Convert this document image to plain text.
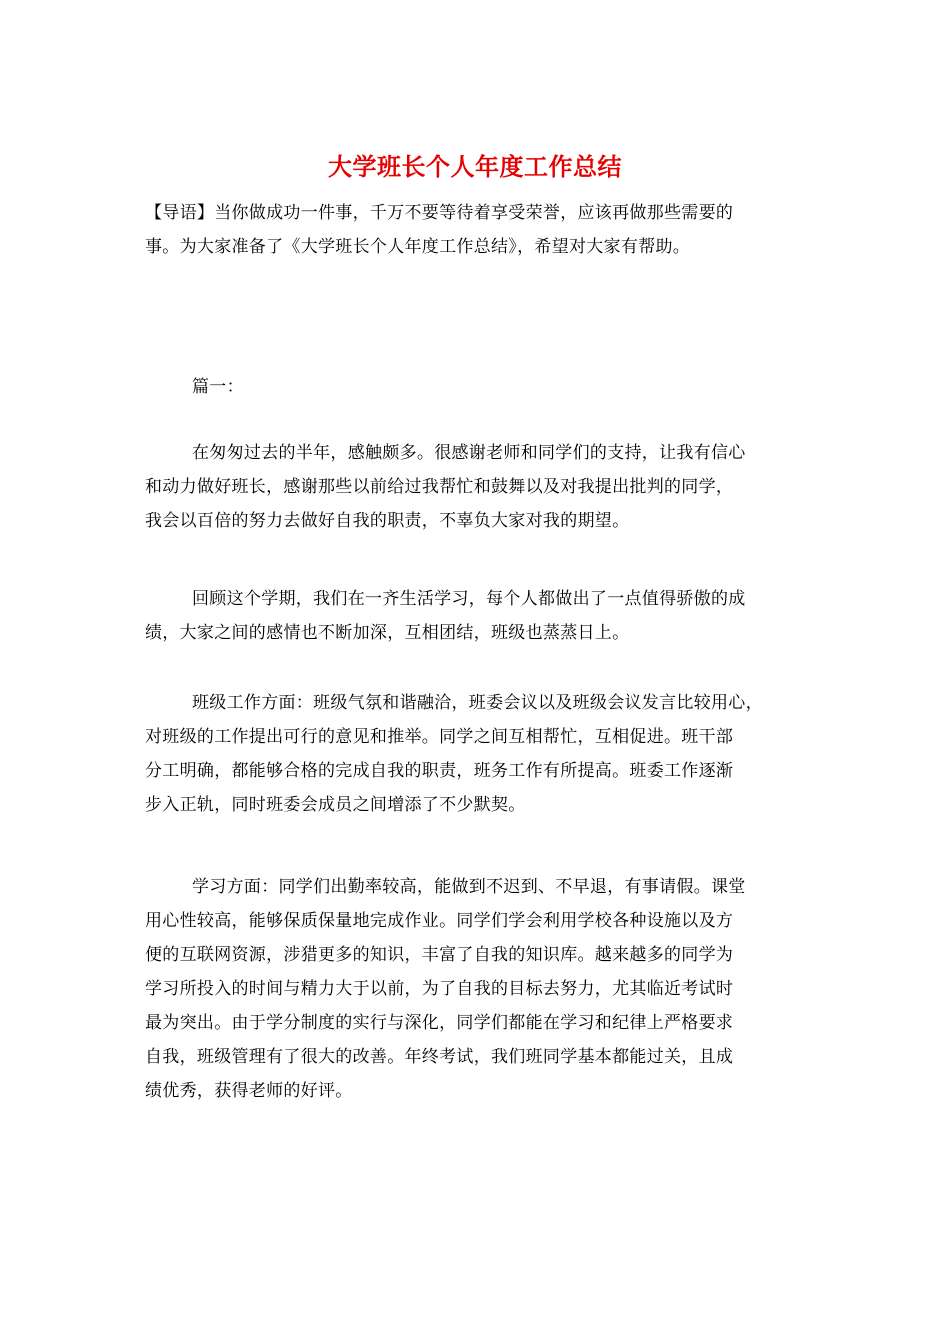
大学班长个人年度工作总结
【导语】当你做成功一件事，千万不要等待着享受荣誉，应该再做那些需要的
事。为大家准备了《大学班长个人年度工作总结》，希望对大家有帮助。
篇一：
在匆匆过去的半年，感触颇多。很感谢老师和同学们的支持，让我有信心
和动力做好班长，感谢那些以前给过我帮忙和鼓舞以及对我提出批判的同学，
我会以百倍的努力去做好自我的职责，不辜负大家对我的期望。
回顾这个学期，我们在一齐生活学习，每个人都做出了一点值得骄傲的成
绩，大家之间的感情也不断加深，互相团结，班级也蒸蒸日上。
班级工作方面：班级气氛和谐融洽，班委会议以及班级会议发言比较用心，
对班级的工作提出可行的意见和推举。同学之间互相帮忙，互相促进。班干部
分工明确，都能够合格的完成自我的职责，班务工作有所提高。班委工作逐渐
步入正轨，同时班委会成员之间增添了不少默契。
学习方面：同学们出勤率较高，能做到不迟到、不早退，有事请假。课堂
用心性较高，能够保质保量地完成作业。同学们学会利用学校各种设施以及方
便的互联网资源，涉猎更多的知识，丰富了自我的知识库。越来越多的同学为
学习所投入的时间与精力大于以前，为了自我的目标去努力，尤其临近考试时
最为突出。由于学分制度的实行与深化，同学们都能在学习和纪律上严格要求
自我，班级管理有了很大的改善。年终考试，我们班同学基本都能过关，且成
绩优秀，获得老师的好评。
